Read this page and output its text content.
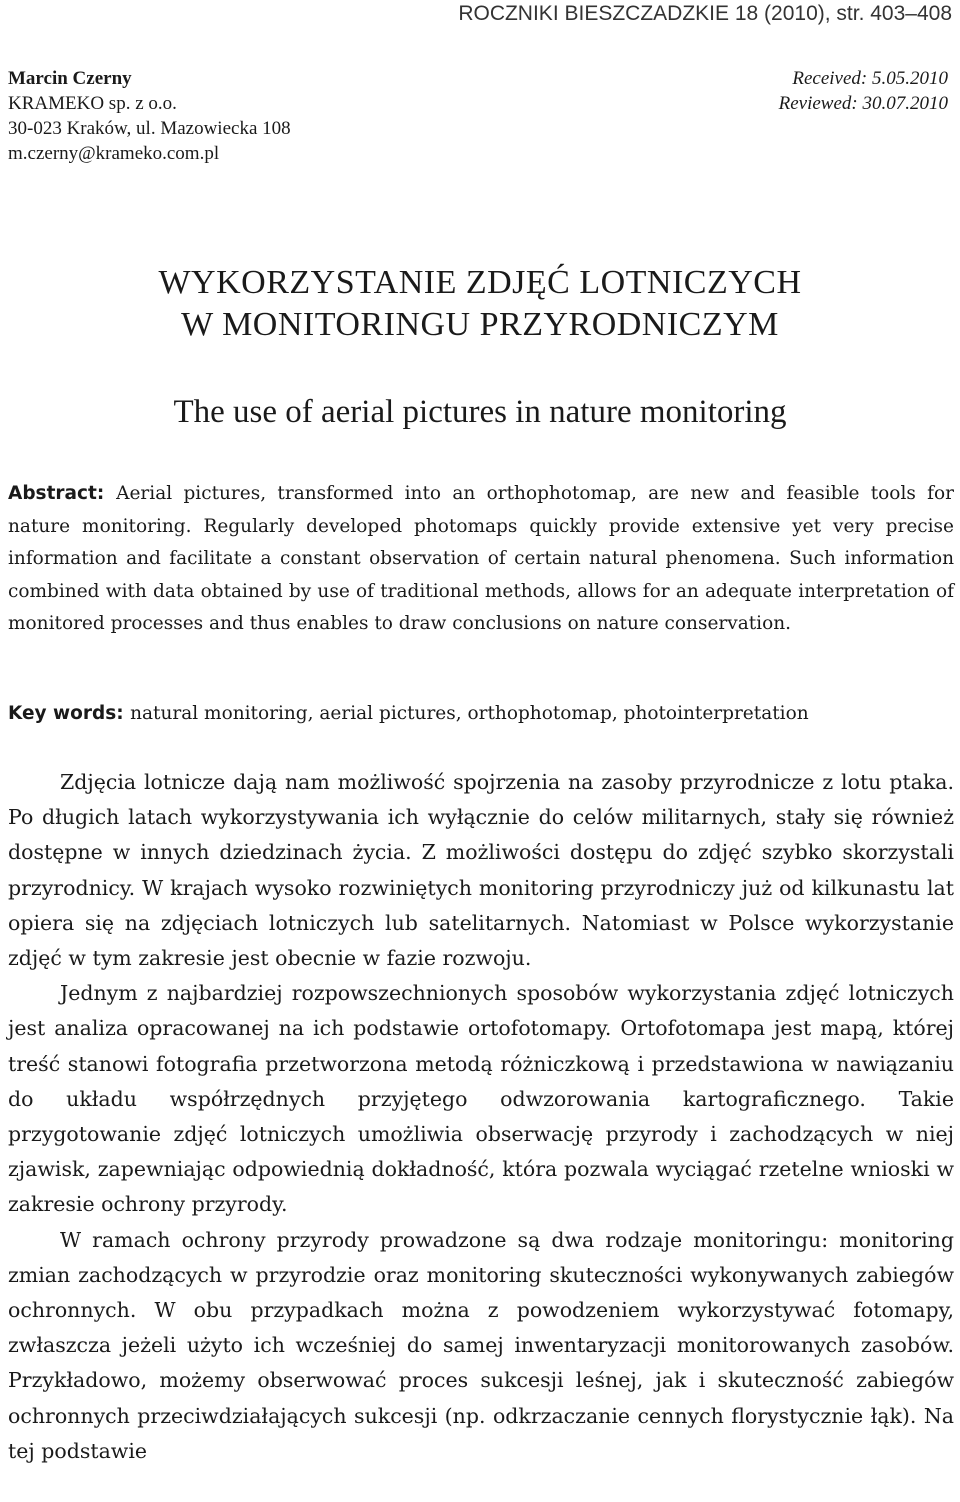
ROCZNIKI BIESZCZADZKIE 18 (2010), str. 403–408
Marcin Czerny
KRAMEKO sp. z o.o.
30-023 Kraków, ul. Mazowiecka 108
m.czerny@krameko.com.pl
Received: 5.05.2010
Reviewed: 30.07.2010
WYKORZYSTANIE ZDJĘĆ LOTNICZYCH
W MONITORINGU PRZYRODNICZYM
The use of aerial pictures in nature monitoring
Abstract: Aerial pictures, transformed into an orthophotomap, are new and feasible tools for nature monitoring. Regularly developed photomaps quickly provide extensive yet very precise information and facilitate a constant observation of certain natural phenomena. Such information combined with data obtained by use of traditional methods, allows for an adequate interpretation of monitored processes and thus enables to draw conclusions on nature conservation.
Key words: natural monitoring, aerial pictures, orthophotomap, photointerpretation

Zdjęcia lotnicze dają nam możliwość spojrzenia na zasoby przyrodnicze z lotu ptaka. Po długich latach wykorzystywania ich wyłącznie do celów militarnych, stały się również dostępne w innych dziedzinach życia. Z możliwości dostępu do zdjęć szybko skorzystali przyrodnicy. W krajach wysoko rozwiniętych monitoring przyrodniczy już od kilkunastu lat opiera się na zdjęciach lotniczych lub satelitarnych. Natomiast w Polsce wykorzystanie zdjęć w tym zakresie jest obecnie w fazie rozwoju.

Jednym z najbardziej rozpowszechnionych sposobów wykorzystania zdjęć lotniczych jest analiza opracowanej na ich podstawie ortofotomapy. Ortofotomapa jest mapą, której treść stanowi fotografia przetworzona metodą różniczkową i przedstawiona w nawiązaniu do układu współrzędnych przyjętego odwzorowania kartograficznego. Takie przygotowanie zdjęć lotniczych umożliwia obserwację przyrody i zachodzących w niej zjawisk, zapewniając odpowiednią dokładność, która pozwala wyciągać rzetelne wnioski w zakresie ochrony przyrody.

W ramach ochrony przyrody prowadzone są dwa rodzaje monitoringu: monitoring zmian zachodzących w przyrodzie oraz monitoring skuteczności wykonywanych zabiegów ochronnych. W obu przypadkach można z powodzeniem wykorzystywać fotomapy, zwłaszcza jeżeli użyto ich wcześniej do samej inwentaryzacji monitorowanych zasobów. Przykładowo, możemy obserwować proces sukcesji leśnej, jak i skuteczność zabiegów ochronnych przeciwdziałających sukcesji (np. odkrzaczanie cennych florystycznie łąk). Na tej podstawie
